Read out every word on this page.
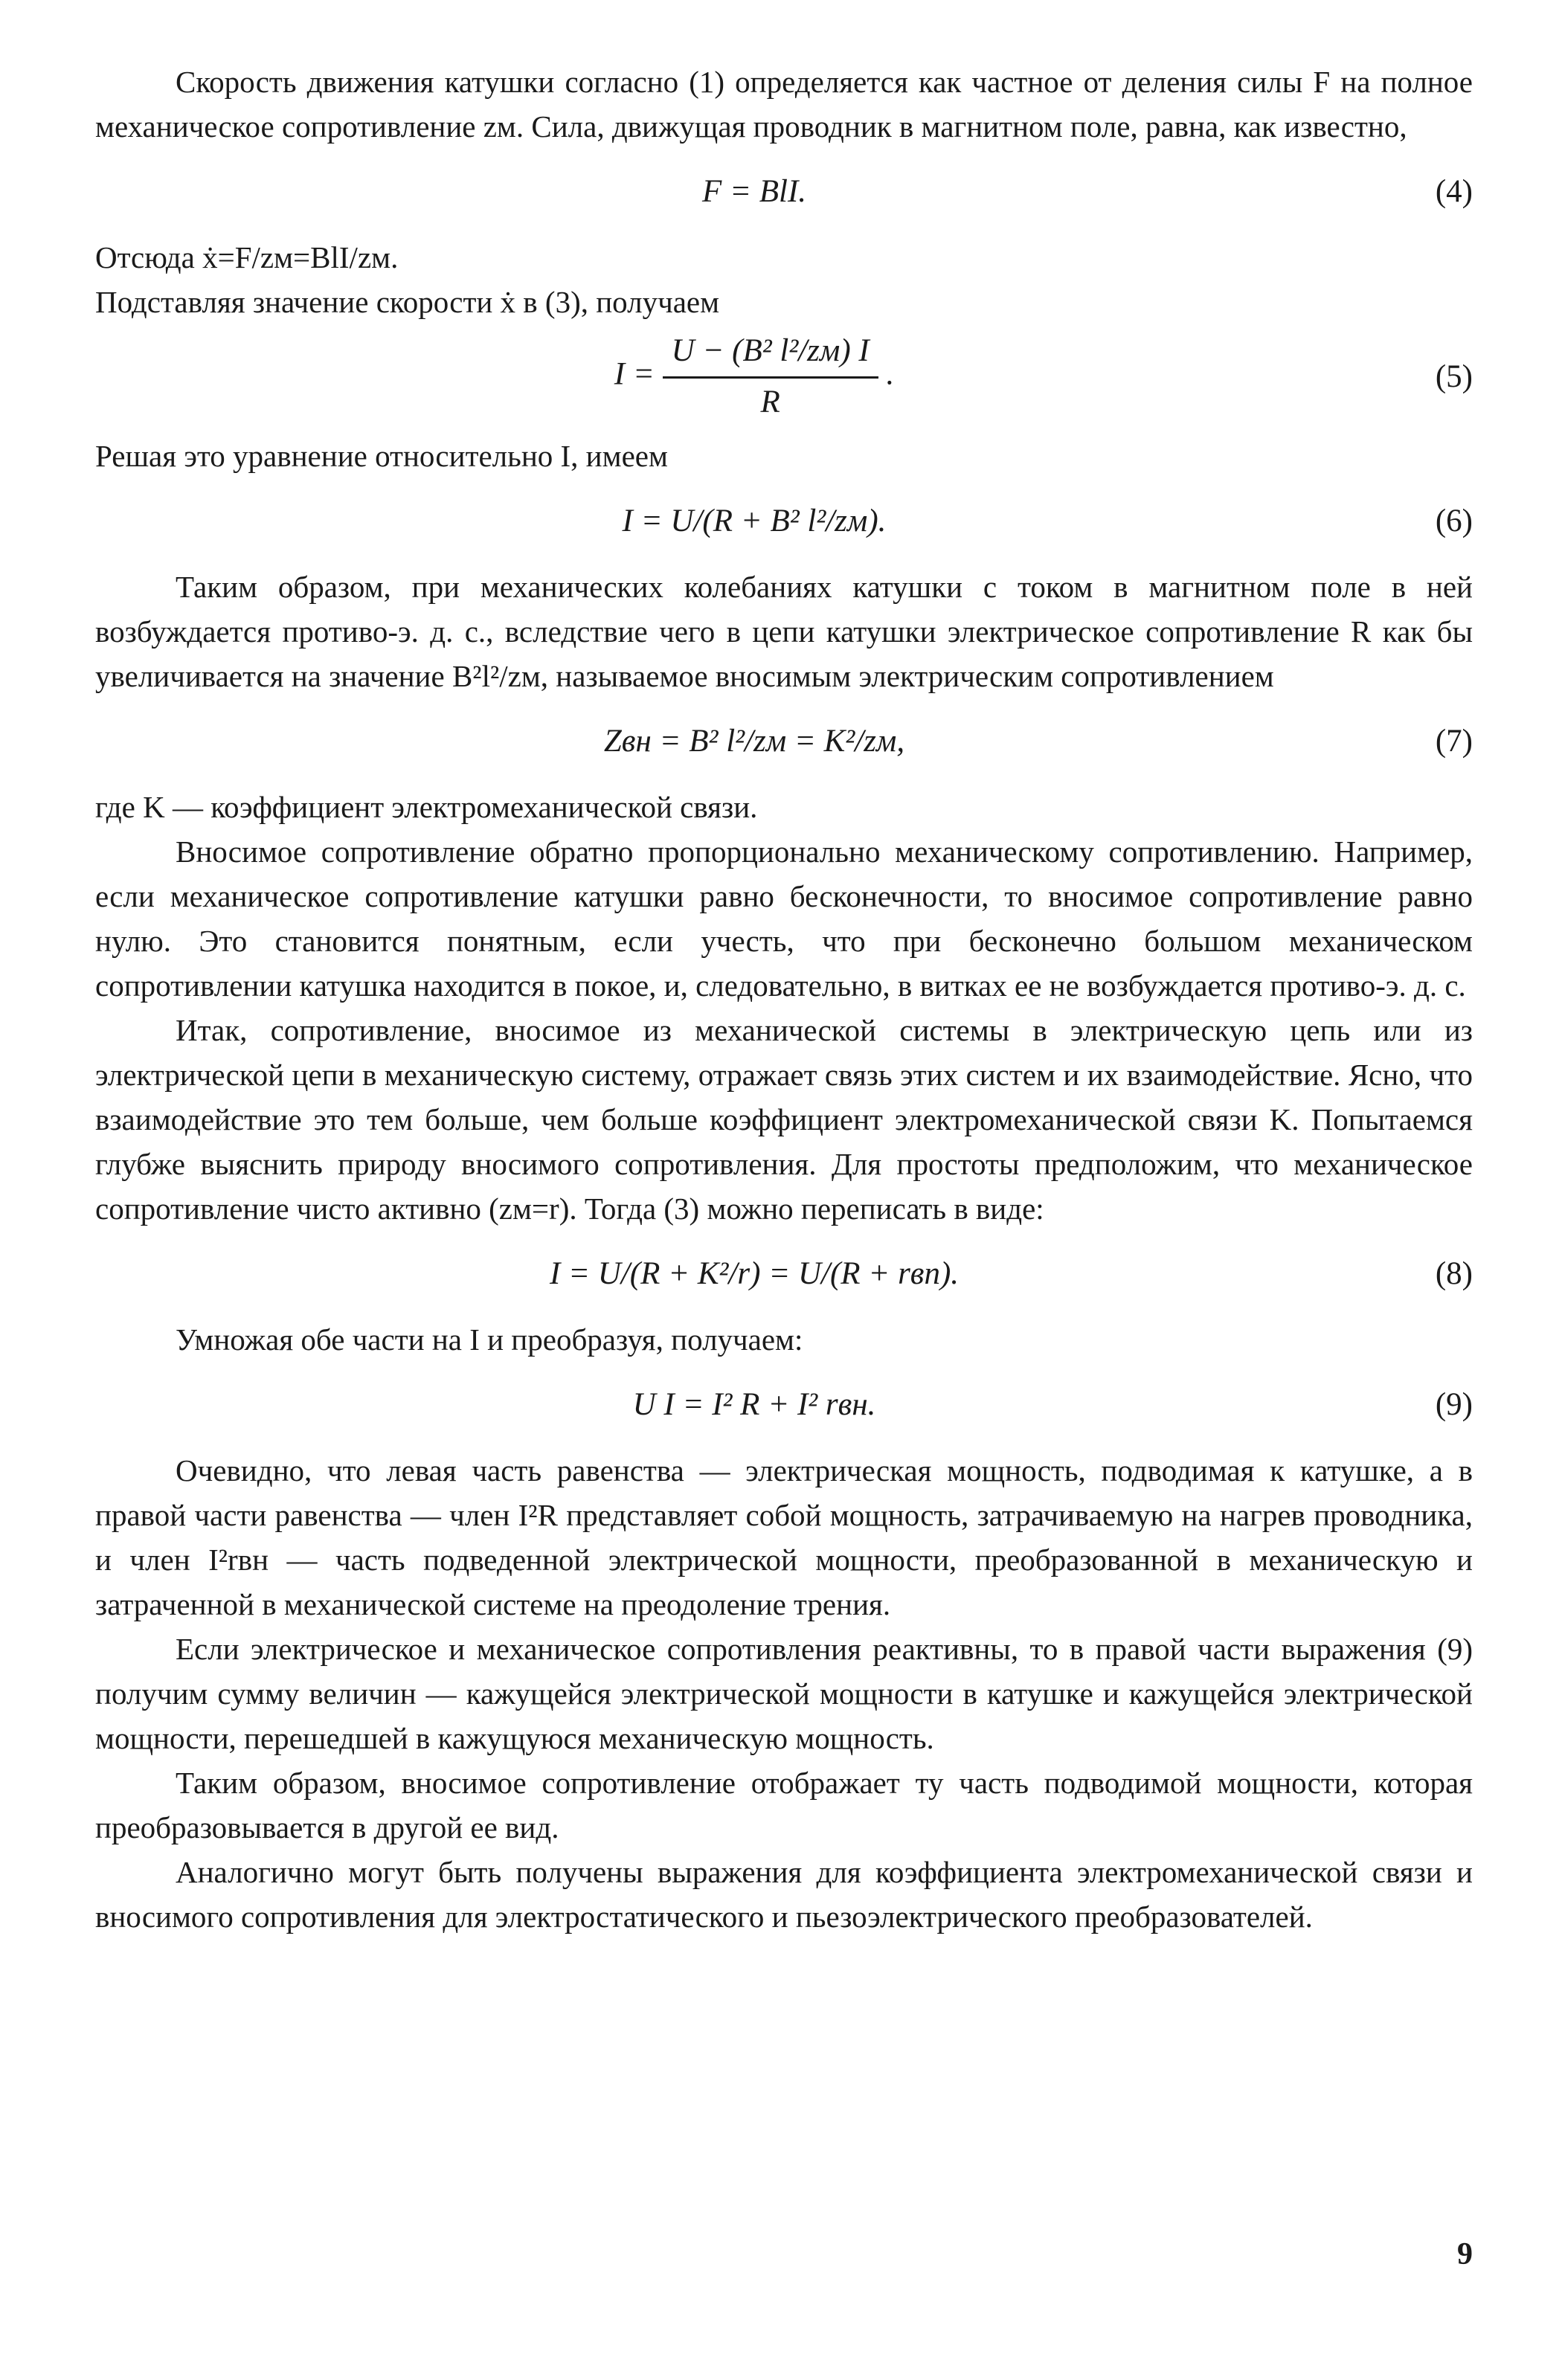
Скорость движения катушки согласно (1) определяется как частное от деления силы F на полное механическое сопротивление zм. Сила, движущая проводник в магнитном поле, равна, как известно,

F = BlI.	(4)

Отсюда ẋ=F/zм=BlI/zм.

Подставляя значение скорости ẋ в (3), получаем

$I = \frac{\text{U − (B² l²/zм) I}}{R}$ .	(5)

Решая это уравнение относительно I, имеем

I = U/(R + B² l²/zм).	(6)

Таким образом, при механических колебаниях катушки с током в магнитном поле в ней возбуждается противо-э. д. с., вследствие чего в цепи катушки электрическое сопротивление R как бы увеличивается на значение B²l²/zм, называемое вносимым электрическим сопротивлением

Zвн = B² l²/zм = K²/zм,	(7)

где K — коэффициент электромеханической связи.

Вносимое сопротивление обратно пропорционально механическому сопротивлению. Например, если механическое сопротивление катушки равно бесконечности, то вносимое сопротивление равно нулю. Это становится понятным, если учесть, что при бесконечно большом механическом сопротивлении катушка находится в покое, и, следовательно, в витках ее не возбуждается противо-э. д. с.

Итак, сопротивление, вносимое из механической системы в электрическую цепь или из электрической цепи в механическую систему, отражает связь этих систем и их взаимодействие. Ясно, что взаимодействие это тем больше, чем больше коэффициент электромеханической связи K. Попытаемся глубже выяснить природу вносимого сопротивления. Для простоты предположим, что механическое сопротивление чисто активно (zм=r). Тогда (3) можно переписать в виде:

I = U/(R + K²/r) = U/(R + rвп).	(8)

Умножая обе части на I и преобразуя, получаем:

U I = I² R + I² rвн.	(9)

Очевидно, что левая часть равенства — электрическая мощность, подводимая к катушке, а в правой части равенства — член I²R представляет собой мощность, затрачиваемую на нагрев проводника, и член I²rвн — часть подведенной электрической мощности, преобразованной в механическую и затраченной в механической системе на преодоление трения.

Если электрическое и механическое сопротивления реактивны, то в правой части выражения (9) получим сумму величин — кажущейся электрической мощности в катушке и кажущейся электрической мощности, перешедшей в кажущуюся механическую мощность.

Таким образом, вносимое сопротивление отображает ту часть подводимой мощности, которая преобразовывается в другой ее вид.

Аналогично могут быть получены выражения для коэффициента электромеханической связи и вносимого сопротивления для электростатического и пьезоэлектрического преобразователей.

9
